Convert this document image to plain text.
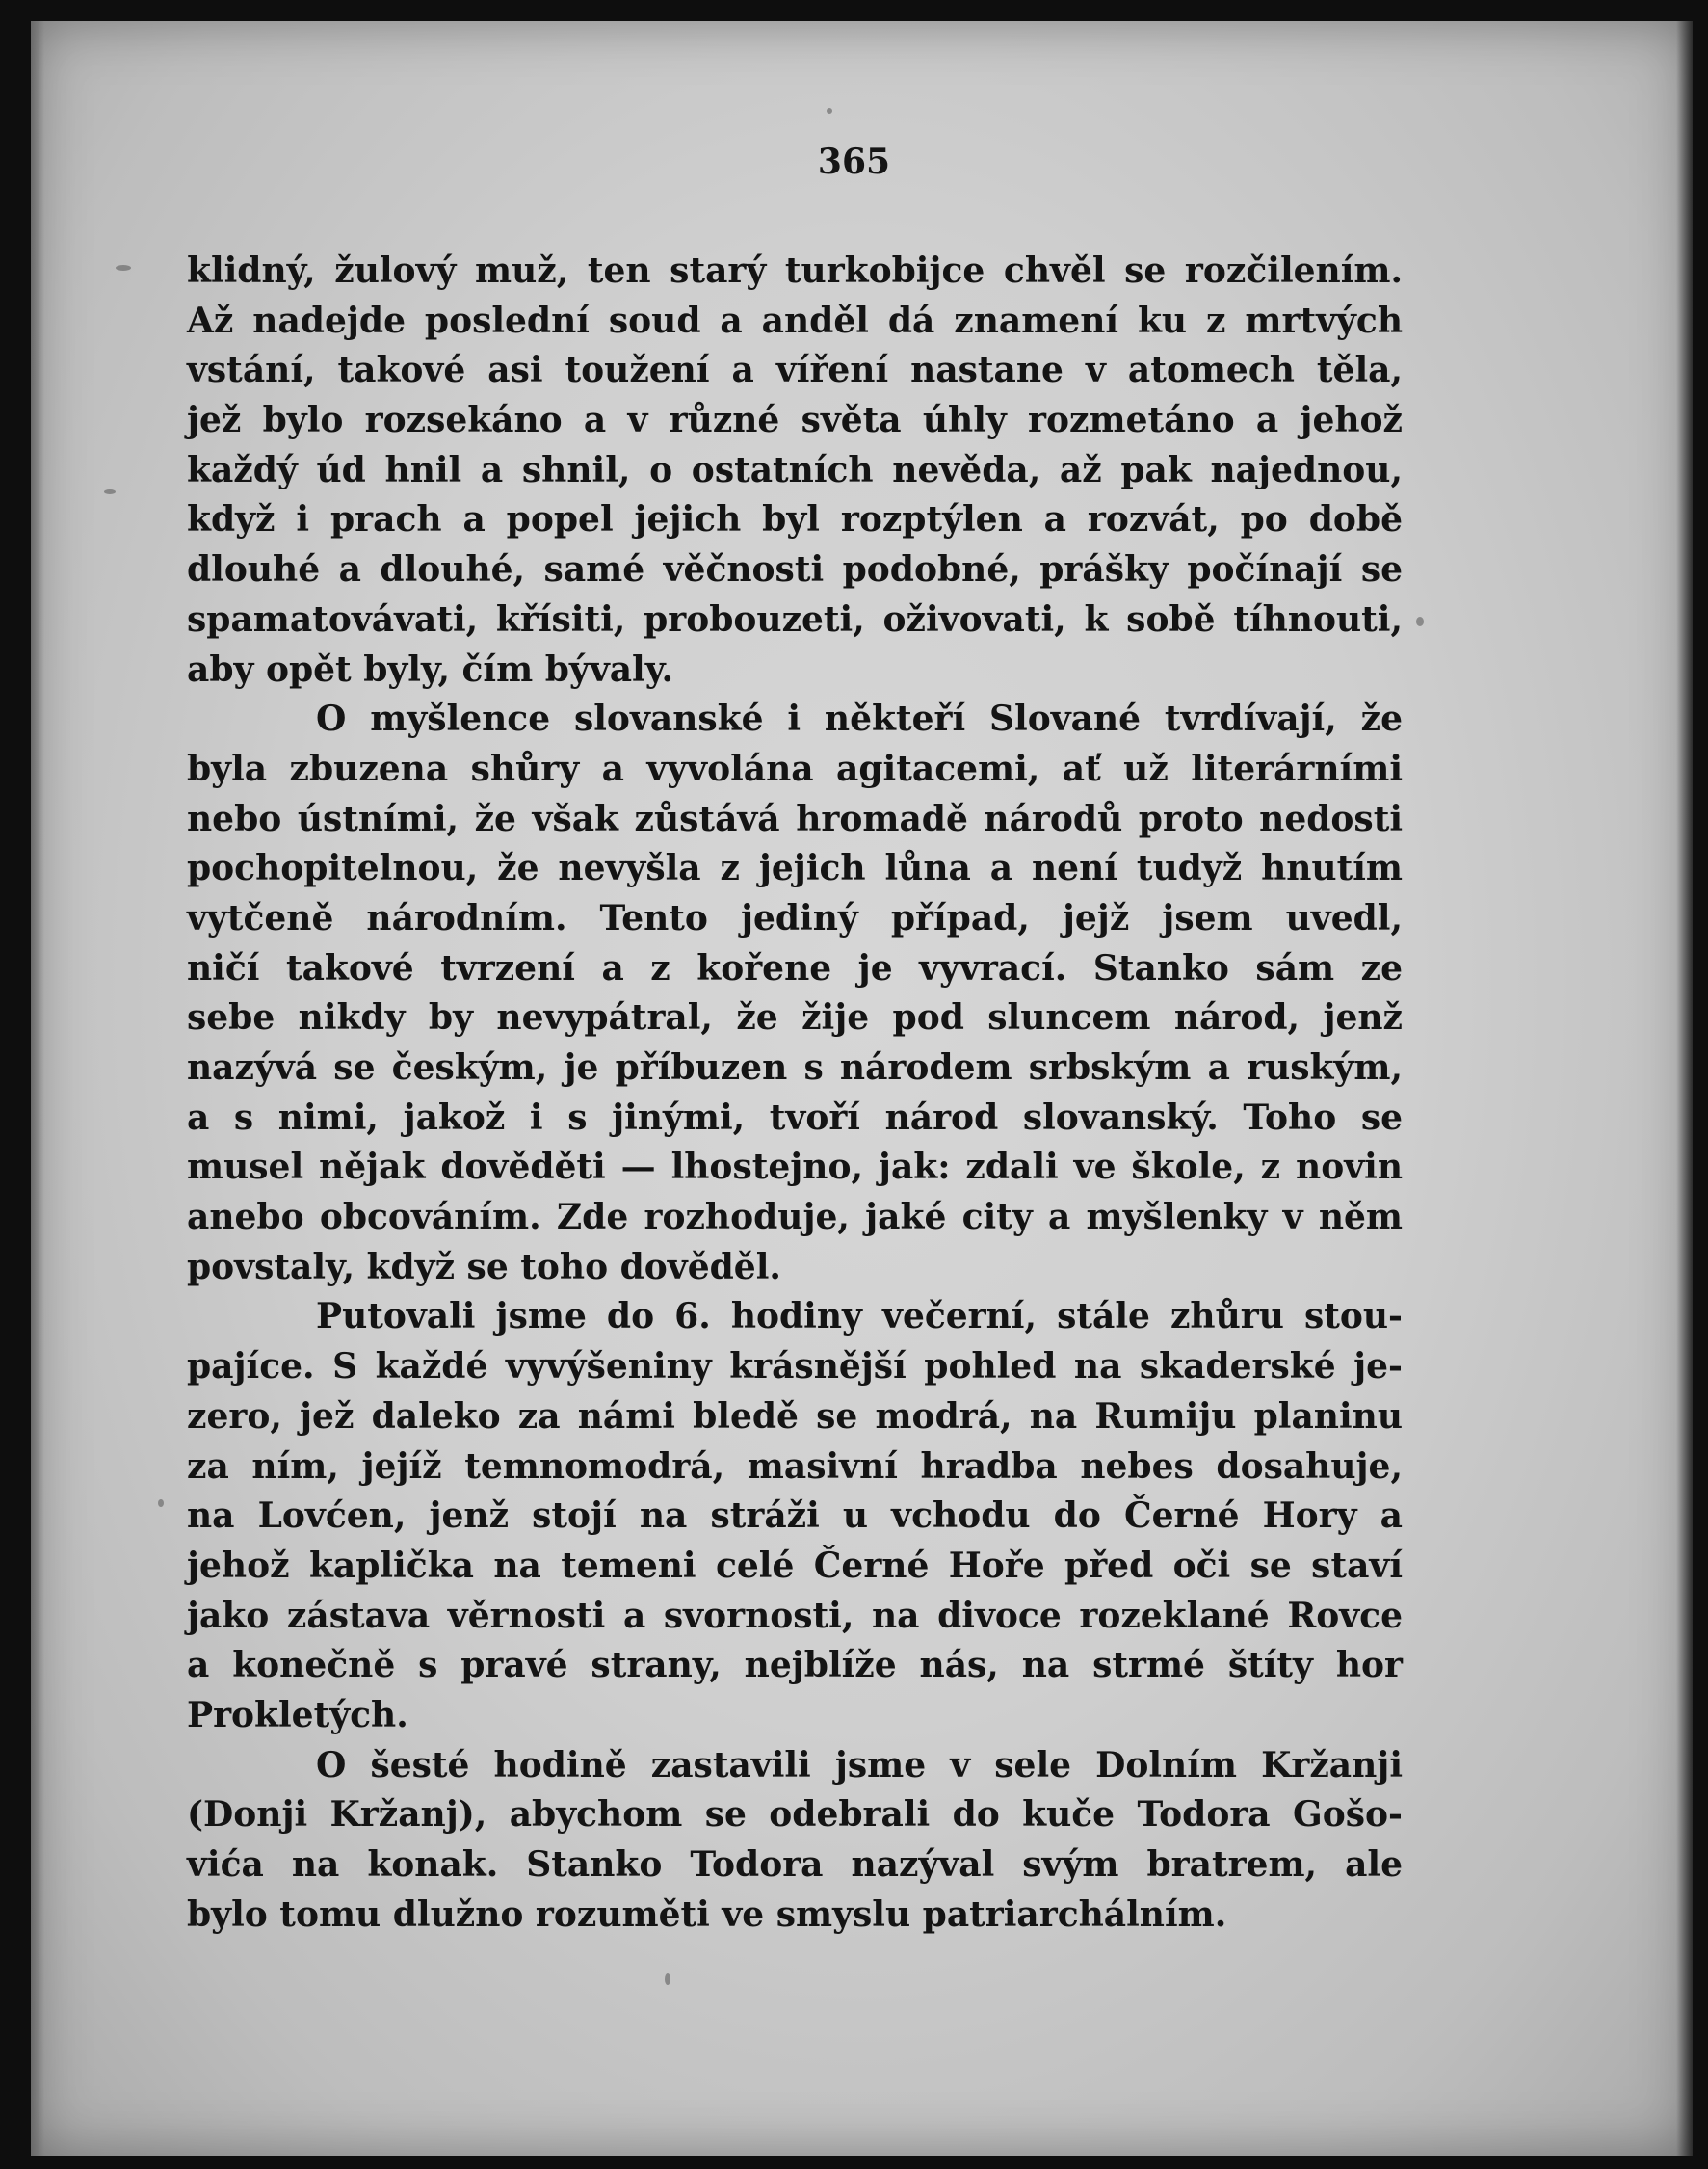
365
klidný, žulový muž, ten starý turkobijce chvěl se rozčilením.
Až nadejde poslední soud a anděl dá znamení ku z mrtvých
vstání, takové asi toužení a víření nastane v atomech těla,
jež bylo rozsekáno a v různé světa úhly rozmetáno a jehož
každý úd hnil a shnil, o ostatních nevěda, až pak najednou,
když i prach a popel jejich byl rozptýlen a rozvát, po době
dlouhé a dlouhé, samé věčnosti podobné, prášky počínají se
spamatovávati, křísiti, probouzeti, oživovati, k sobě tíhnouti,
aby opět byly, čím bývaly.
O myšlence slovanské i někteří Slované tvrdívají, že
byla zbuzena shůry a vyvolána agitacemi, ať už literárními
nebo ústními, že však zůstává hromadě národů proto nedosti
pochopitelnou, že nevyšla z jejich lůna a není tudyž hnutím
vytčeně národním. Tento jediný případ, jejž jsem uvedl,
ničí takové tvrzení a z kořene je vyvrací. Stanko sám ze
sebe nikdy by nevypátral, že žije pod sluncem národ, jenž
nazývá se českým, je příbuzen s národem srbským a ruským,
a s nimi, jakož i s jinými, tvoří národ slovanský. Toho se
musel nějak dověděti — lhostejno, jak: zdali ve škole, z novin
anebo obcováním. Zde rozhoduje, jaké city a myšlenky v něm
povstaly, když se toho dověděl.
Putovali jsme do 6. hodiny večerní, stále zhůru stou-
pajíce. S každé vyvýšeniny krásnější pohled na skaderské je-
zero, jež daleko za námi bledě se modrá, na Rumiju planinu
za ním, jejíž temnomodrá, masivní hradba nebes dosahuje,
na Lovćen, jenž stojí na stráži u vchodu do Černé Hory a
jehož kaplička na temeni celé Černé Hoře před oči se staví
jako zástava věrnosti a svornosti, na divoce rozeklané Rovce
a konečně s pravé strany, nejblíže nás, na strmé štíty hor
Prokletých.
O šesté hodině zastavili jsme v sele Dolním Kržanji
(Donji Kržanj), abychom se odebrali do kuče Todora Gošo-
vića na konak. Stanko Todora nazýval svým bratrem, ale
bylo tomu dlužno rozuměti ve smyslu patriarchálním.
